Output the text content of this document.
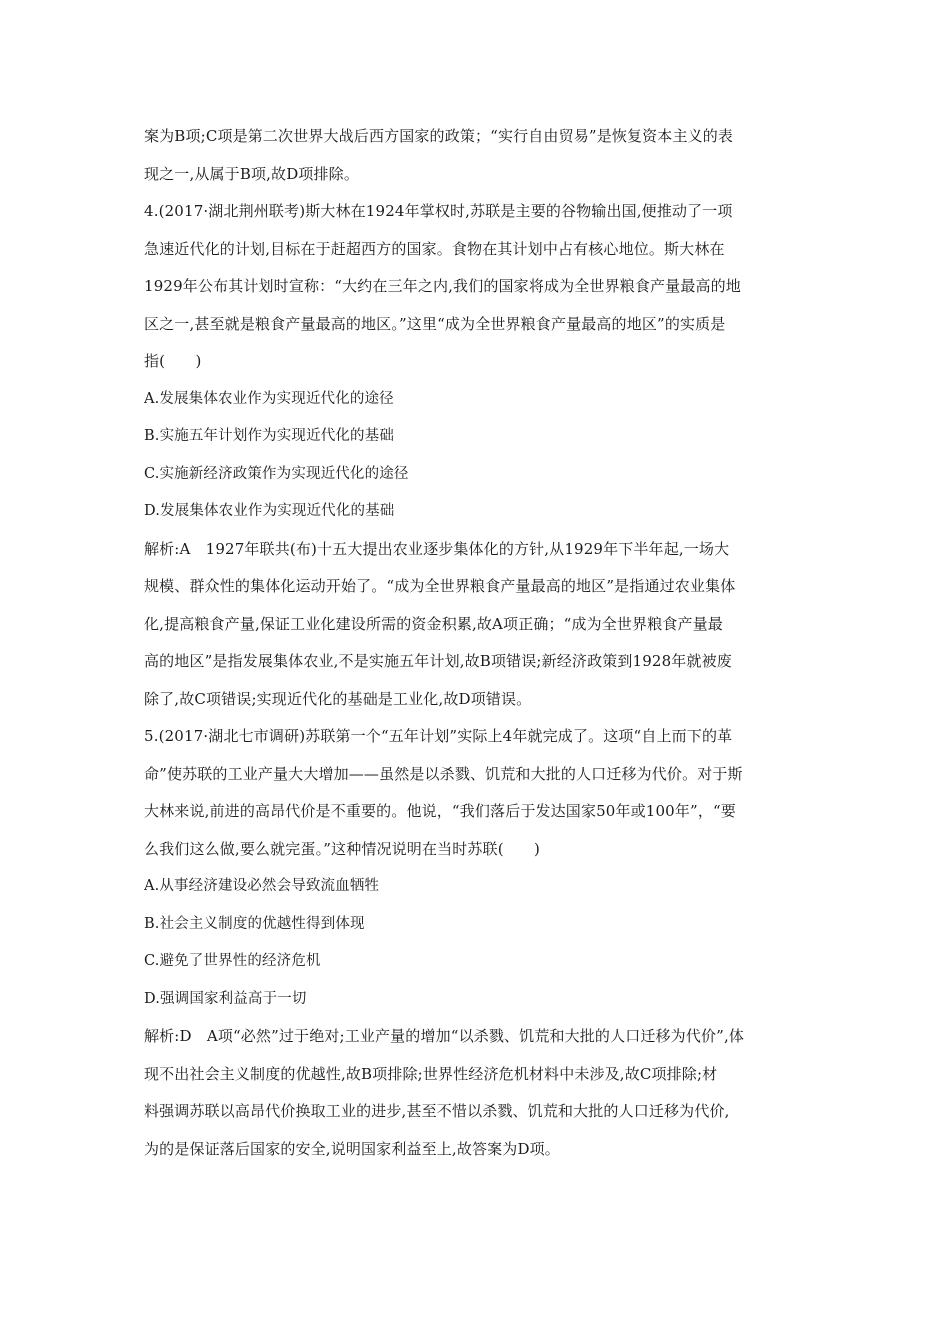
案为B项;C项是第二次世界大战后西方国家的政策；“实行自由贸易”是恢复资本主义的表
现之一,从属于B项,故D项排除。
4.(2017·湖北荆州联考)斯大林在1924年掌权时,苏联是主要的谷物输出国,便推动了一项
急速近代化的计划,目标在于赶超西方的国家。食物在其计划中占有核心地位。斯大林在
1929年公布其计划时宣称：“大约在三年之内,我们的国家将成为全世界粮食产量最高的地
区之一,甚至就是粮食产量最高的地区。”这里“成为全世界粮食产量最高的地区”的实质是
指(　　)
A.发展集体农业作为实现近代化的途径
B.实施五年计划作为实现近代化的基础
C.实施新经济政策作为实现近代化的途径
D.发展集体农业作为实现近代化的基础
解析:A　1927年联共(布)十五大提出农业逐步集体化的方针,从1929年下半年起,一场大
规模、群众性的集体化运动开始了。“成为全世界粮食产量最高的地区”是指通过农业集体
化,提高粮食产量,保证工业化建设所需的资金积累,故A项正确；“成为全世界粮食产量最
高的地区”是指发展集体农业,不是实施五年计划,故B项错误;新经济政策到1928年就被废
除了,故C项错误;实现近代化的基础是工业化,故D项错误。
5.(2017·湖北七市调研)苏联第一个“五年计划”实际上4年就完成了。这项“自上而下的革
命”使苏联的工业产量大大增加——虽然是以杀戮、饥荒和大批的人口迁移为代价。对于斯
大林来说,前进的高昂代价是不重要的。他说，“我们落后于发达国家50年或100年”，“要
么我们这么做,要么就完蛋。”这种情况说明在当时苏联(　　)
A.从事经济建设必然会导致流血牺牲
B.社会主义制度的优越性得到体现
C.避免了世界性的经济危机
D.强调国家利益高于一切
解析:D　A项“必然”过于绝对;工业产量的增加“以杀戮、饥荒和大批的人口迁移为代价”,体
现不出社会主义制度的优越性,故B项排除;世界性经济危机材料中未涉及,故C项排除;材
料强调苏联以高昂代价换取工业的进步,甚至不惜以杀戮、饥荒和大批的人口迁移为代价,
为的是保证落后国家的安全,说明国家利益至上,故答案为D项。
